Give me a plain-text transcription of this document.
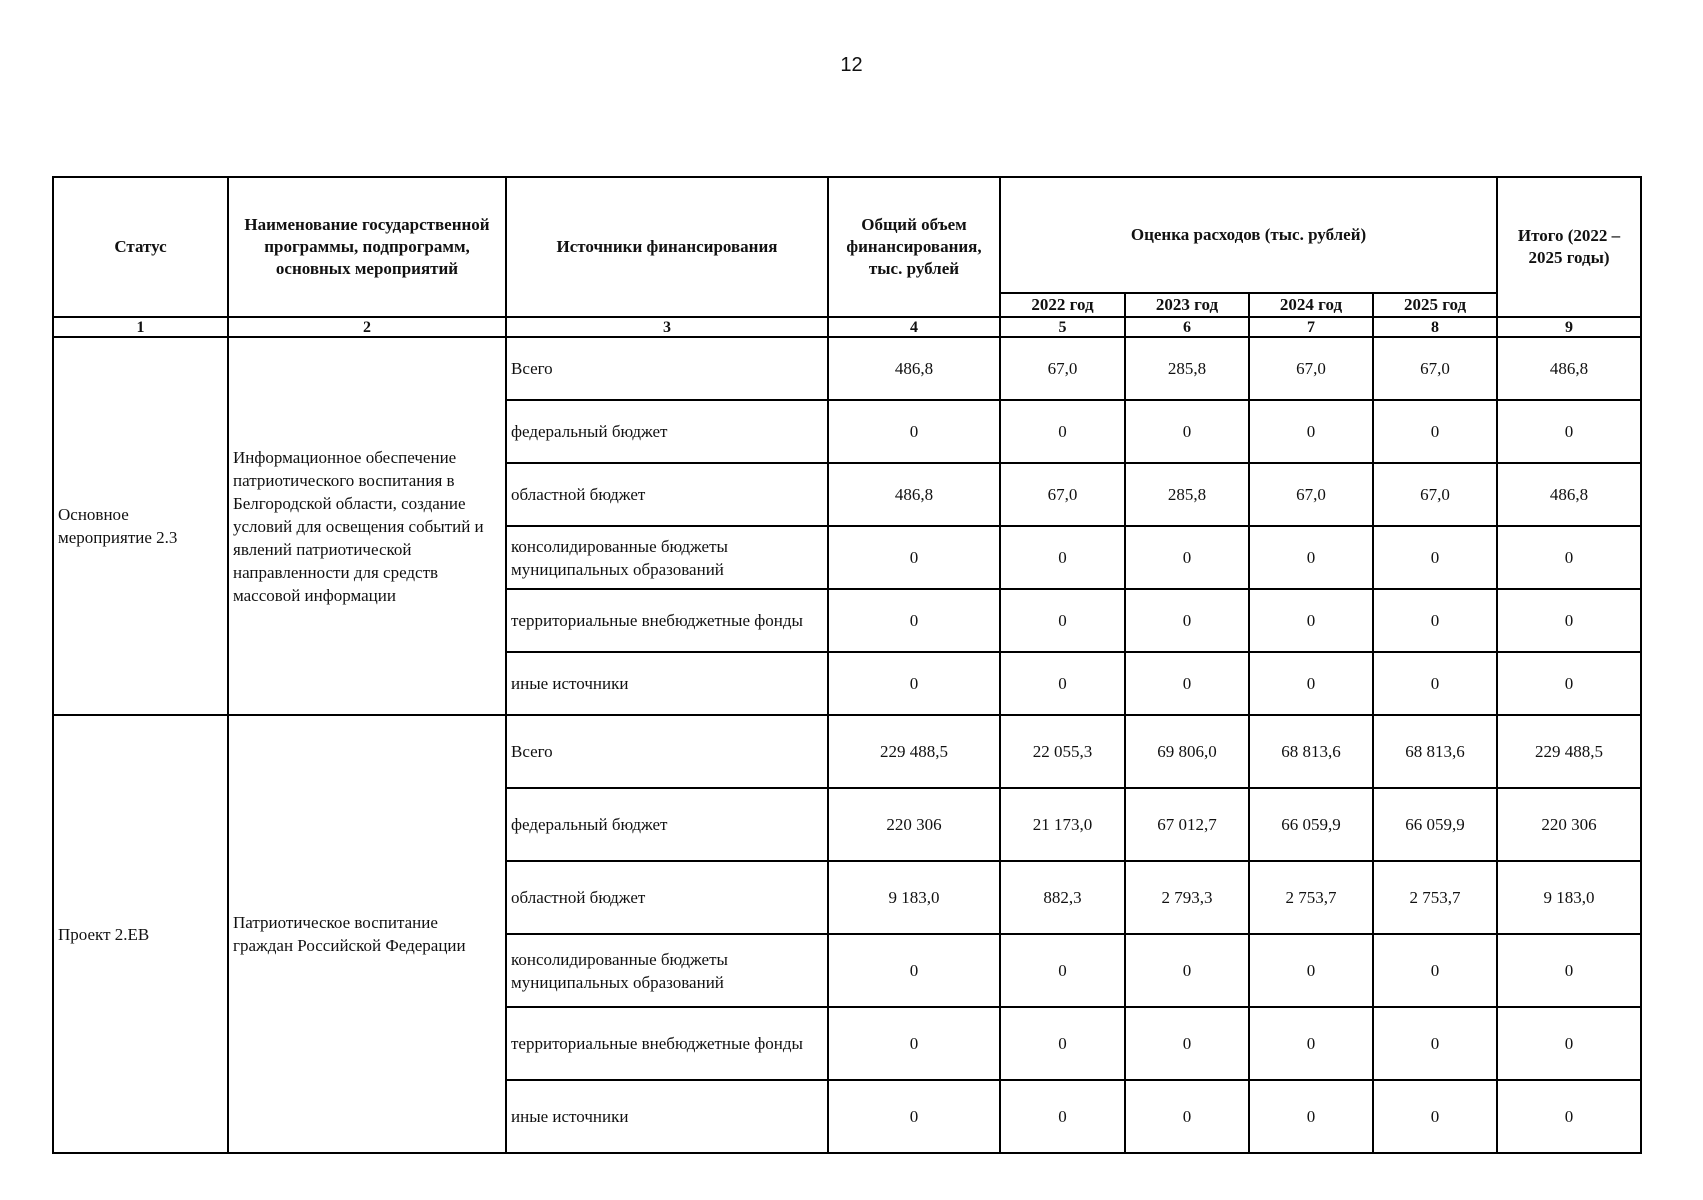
12
Статус	Наименование государственной программы, подпрограмм, основных мероприятий	Источники финансирования	Общий объем финансирования, тыс. рублей	Оценка расходов (тыс. рублей)				Итого (2022 – 2025 годы)
				2022 год	2023 год	2024 год	2025 год	
1	2	3	4	5	6	7	8	9
Основное мероприятие 2.3	Информационное обеспечение патриотического воспитания в Белгородской области, создание условий для освещения событий и явлений патриотической направленности для средств массовой информации	Всего	486,8	67,0	285,8	67,0	67,0	486,8
		федеральный бюджет	0	0	0	0	0	0
		областной бюджет	486,8	67,0	285,8	67,0	67,0	486,8
		консолидированные бюджеты муниципальных образований	0	0	0	0	0	0
		территориальные внебюджетные фонды	0	0	0	0	0	0
		иные источники	0	0	0	0	0	0
Проект 2.ЕВ	Патриотическое воспитание граждан Российской Федерации	Всего	229 488,5	22 055,3	69 806,0	68 813,6	68 813,6	229 488,5
		федеральный бюджет	220 306	21 173,0	67 012,7	66 059,9	66 059,9	220 306
		областной бюджет	9 183,0	882,3	2 793,3	2 753,7	2 753,7	9 183,0
		консолидированные бюджеты муниципальных образований	0	0	0	0	0	0
		территориальные внебюджетные фонды	0	0	0	0	0	0
		иные источники	0	0	0	0	0	0
